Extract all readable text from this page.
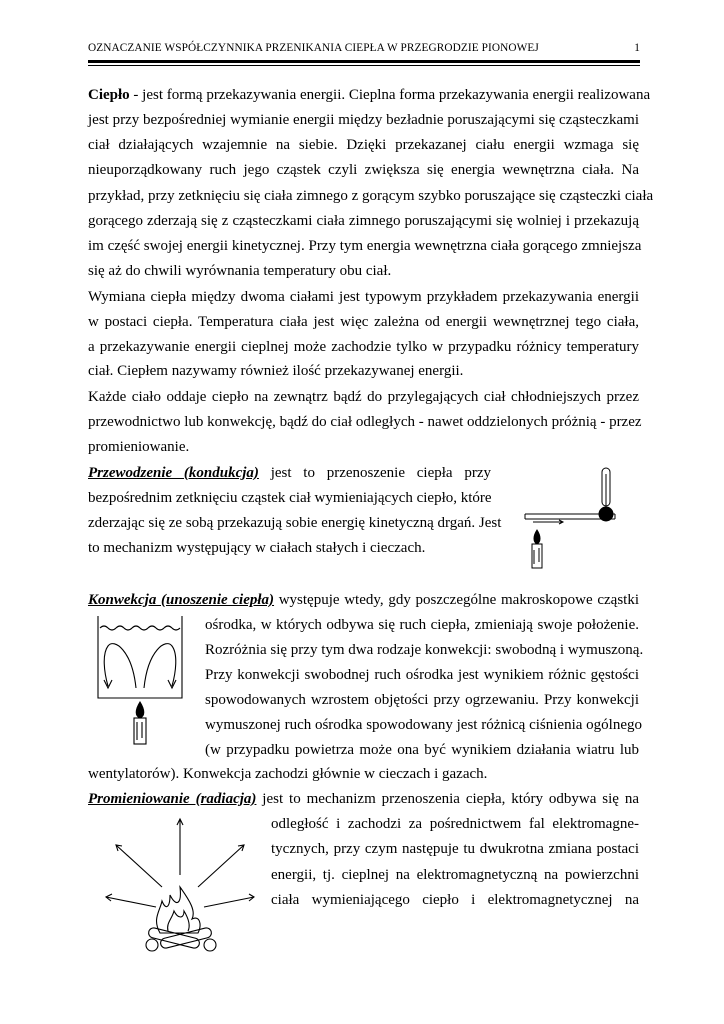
OZNACZANIE WSPÓŁCZYNNIKA PRZENIKANIA CIEPŁA W PRZEGRODZIE PIONOWEJ	1
Ciepło - jest formą przekazywania energii. Cieplna forma przekazywania energii realizowana
jest przy bezpośredniej wymianie energii między bezładnie poruszającymi się cząsteczkami
ciał działających wzajemnie na siebie. Dzięki przekazanej ciału energii wzmaga się
nieuporządkowany ruch jego cząstek czyli zwiększa się energia wewnętrzna ciała. Na
przykład, przy zetknięciu się ciała zimnego z gorącym szybko poruszające się cząsteczki ciała
gorącego zderzają się z cząsteczkami ciała zimnego poruszającymi się wolniej i przekazują
im część swojej energii kinetycznej. Przy tym energia wewnętrzna ciała gorącego zmniejsza
się aż do chwili wyrównania temperatury obu ciał.
Wymiana ciepła między dwoma ciałami jest typowym przykładem przekazywania energii
w postaci ciepła. Temperatura ciała jest więc zależna od energii wewnętrznej tego ciała,
a przekazywanie energii cieplnej może zachodzie tylko w przypadku różnicy temperatury
ciał. Ciepłem nazywamy również ilość przekazywanej energii.
Każde ciało oddaje ciepło na zewnątrz bądź do przylegających ciał chłodniejszych przez
przewodnictwo lub konwekcję, bądź do ciał odległych - nawet oddzielonych próżnią - przez
promieniowanie.
Przewodzenie (kondukcja) jest to przenoszenie ciepła przy
bezpośrednim zetknięciu cząstek ciał wymieniających ciepło, które
zderzając się ze sobą przekazują sobie energię kinetyczną drgań. Jest
to mechanizm występujący w ciałach stałych i cieczach.
Konwekcja (unoszenie ciepła) występuje wtedy, gdy poszczególne makroskopowe cząstki
ośrodka, w których odbywa się ruch ciepła, zmieniają swoje położenie.
Rozróżnia się przy tym dwa rodzaje konwekcji: swobodną i wymuszoną.
Przy konwekcji swobodnej ruch ośrodka jest wynikiem różnic gęstości
spowodowanych wzrostem objętości przy ogrzewaniu. Przy konwekcji
wymuszonej ruch ośrodka spowodowany jest różnicą ciśnienia ogólnego
(w przypadku powietrza może ona być wynikiem działania wiatru lub
wentylatorów). Konwekcja zachodzi głównie w cieczach i gazach.
Promieniowanie (radiacja) jest to mechanizm przenoszenia ciepła, który odbywa się na
odległość i zachodzi za pośrednictwem fal elektromagne-
tycznych, przy czym następuje tu dwukrotna zmiana postaci
energii, tj. cieplnej na elektromagnetyczną na powierzchni
ciała wymieniającego ciepło i elektromagnetycznej na
